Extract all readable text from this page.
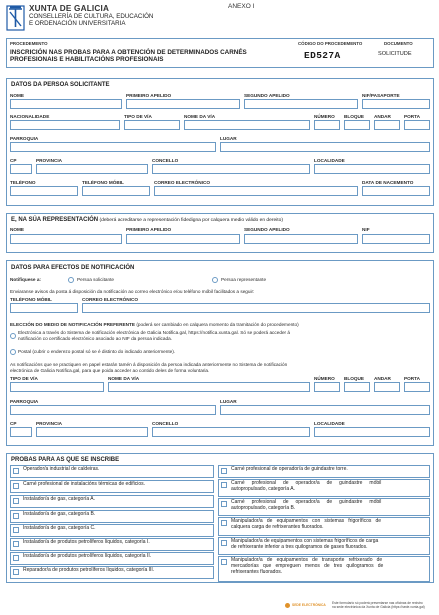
XUNTA DE GALICIA
CONSELLERÍA DE CULTURA, EDUCACIÓN
E ORDENACIÓN UNIVERSITARIA
ANEXO I
PROCEDEMENTO
INSCRICIÓN NAS PROBAS PARA A OBTENCIÓN DE DETERMINADOS CARNÉS
PROFESIONAIS E HABILITACIÓNS PROFESIONAIS
CÓDIGO DO PROCEDEMENTO
ED527A
DOCUMENTO
SOLICITUDE
DATOS DA PERSOA SOLICITANTE
NOME	PRIMEIRO APELIDO	SEGUNDO APELIDO	NIF/PASAPORTE
NACIONALIDADE	TIPO DE VÍA	NOME DA VÍA	NÚMERO BLOQUE ANDAR	PORTA
PARROQUIA	LUGAR
CP	PROVINCIA	CONCELLO	LOCALIDADE
TELÉFONO	TELÉFONO MÓBIL	CORREO ELECTRÓNICO	DATA DE NACEMENTO
E, NA SÚA REPRESENTACIÓN (deberá acreditarse a representación fidedigna por calquera medio válido en dereito)
NOME	PRIMEIRO APELIDO	SEGUNDO APELIDO	NIF
DATOS PARA EFECTOS DE NOTIFICACIÓN
Notifíquese a:	Persoa solicitante	Persoa representante
Enviaranse avisos da posta á disposición da notificación ao correo electrónico e/ou teléfono móbil facilitados a seguir:
TELÉFONO MÓBIL	CORREO ELECTRÓNICO
ELECCIÓN DO MEDIO DE NOTIFICACIÓN PREFERENTE (poderá ser cambiado en calquera momento da tramitación do procedemento)
Electrónica a través do Sistema de notificación electrónica de Galicia Notifica.gal, https://notifica.xunta.gal. Só se poderá acceder á
notificación co certificado electrónico asociado ao NIF da persoa indicada.
Postal (cubrir o enderezo postal só se é distinto do indicado anteriormente).
As notificacións que se practiquen en papel estarán tamén á disposición da persoa indicada anteriormente no Sistema de notificación
electrónica de Galicia Notifica.gal, para que poida acceder ao contido deles de forma voluntaria.
TIPO DE VÍA	NOME DA VÍA	NÚMERO BLOQUE ANDAR	PORTA
PARROQUIA	LUGAR
CP	PROVINCIA	CONCELLO	LOCALIDADE
PROBAS PARA AS QUE SE INSCRIBE
Operador/a industrial de caldeiras.
Carné profesional de instalacións térmicas de edificios.
Instalador/a de gas, categoría A.
Instalador/a de gas, categoría B.
Instalador/a de gas, categoría C.
Instalador/a de produtos petrolíferos líquidos, categoría I.
Instalador/a de produtos petrolíferos líquidos, categoría II.
Reparador/a de produtos petrolíferos líquidos, categoría III.
Carné profesional de operador/a de guindastre torre.
Carné     profesional     de     operador/a     de     guindastre     móbil
autopropulsado, categoría A.
Carné     profesional     de     operador/a     de     guindastre     móbil
autopropulsado, categoría B.
Manipulador/a   de   equipamentos   con   sistemas   frigoríficos   de
calquera carga de refrixerantes fluorados.
Manipulador/a de equipamentos con sistemas frigoríficos de carga
de refrixerante inferior a tres quilogramos de gases fluorados.
Manipulador/a   de   equipamentos   de   transporte   refrixerado   de
mercadorías   que   empreguen   menos   de   tres   quilogramos   de
refrixerantes fluorados.
SEDE ELECTRÓNICA Este formulario só poderá presentarse nas oficinas de rexistro
na sede electrónica da Xunta de Galicia (https://sede.xunta.gal)
